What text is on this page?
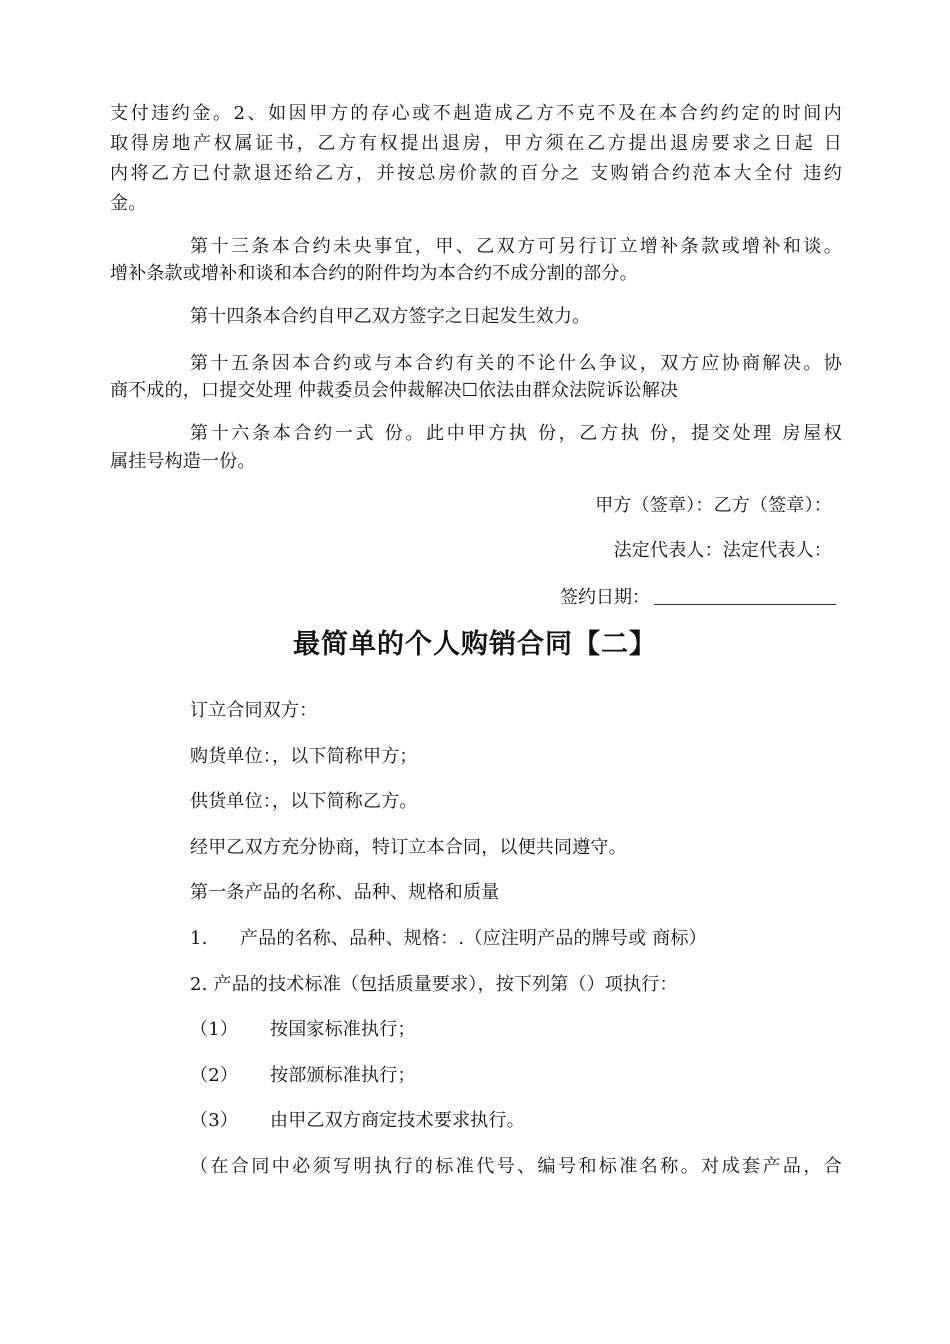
支付违约金。2、如因甲方的存心或不赳造成乙方不克不及在本合约约定的时间内
取得房地产权属证书，乙方有权提出退房，甲方须在乙方提出退房要求之日起 日
内将乙方已付款退还给乙方，并按总房价款的百分之 支购销合约范本大全付 违约
金。
第十三条本合约未央事宜，甲、乙双方可另行订立增补条款或增补和谈。
增补条款或增补和谈和本合约的附件均为本合约不成分割的部分。
第十四条本合约自甲乙双方签字之日起发生效力。
第十五条因本合约或与本合约有关的不论什么争议，双方应协商解决。协
商不成的，口提交处理 仲裁委员会仲裁解决☐依法由群众法院诉讼解决
第十六条本合约一式 份。此中甲方执 份，乙方执 份，提交处理 房屋权
属挂号构造一份。
甲方（签章）：乙方（签章）：
法定代表人：法定代表人：
签约日期：
最简单的个人购销合同【二】
订立合同双方：
购货单位：，以下简称甲方；
供货单位：，以下简称乙方。
经甲乙双方充分协商，特订立本合同，以便共同遵守。
第一条产品的名称、品种、规格和质量
1. 产品的名称、品种、规格：.（应注明产品的牌号或 商标）
2. 产品的技术标准（包括质量要求），按下列第（）项执行：
（1） 按国家标准执行；
（2） 按部颁标准执行；
（3） 由甲乙双方商定技术要求执行。
（在合同中必须写明执行的标准代号、编号和标准名称。对成套产品，合
